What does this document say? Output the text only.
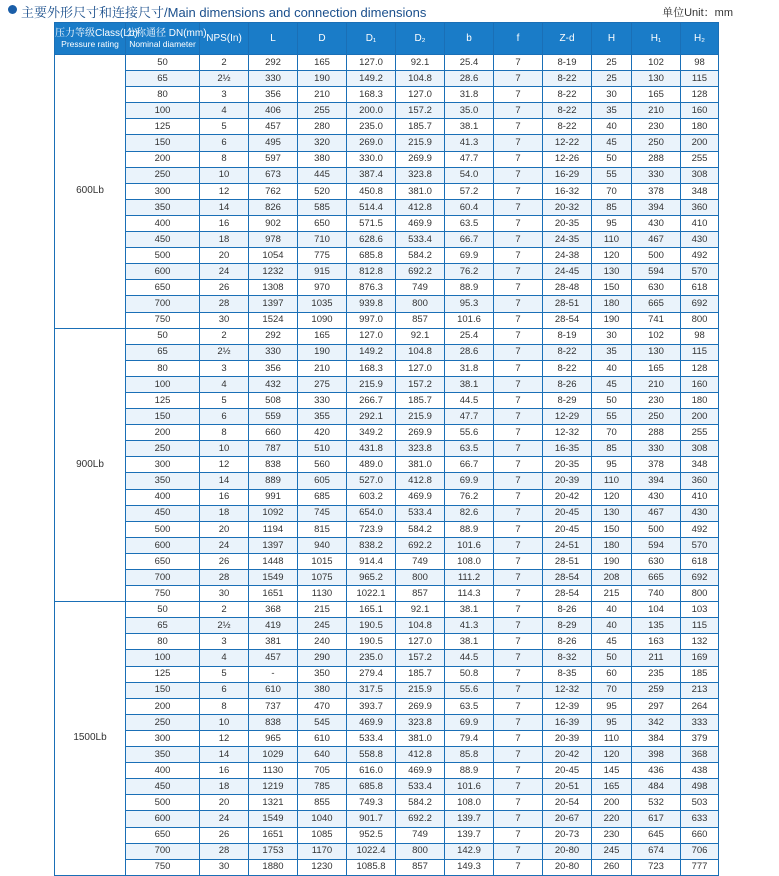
主要外形尺寸和连接尺寸/Main dimensions and connection dimensions	单位Unit：mm
压力等级Class(Lb)
Pressure rating	公称通径 DN(mm)
Nominal diameter	NPS(In)	L	D	D₁	D₂	b	f	Z-d	H	H₁	H₂
600Lb	50	2	292	165	127.0	92.1	25.4	7	8-19	25	102	98
	65	2½	330	190	149.2	104.8	28.6	7	8-22	25	130	115
	80	3	356	210	168.3	127.0	31.8	7	8-22	30	165	128
	100	4	406	255	200.0	157.2	35.0	7	8-22	35	210	160
	125	5	457	280	235.0	185.7	38.1	7	8-22	40	230	180
	150	6	495	320	269.0	215.9	41.3	7	12-22	45	250	200
	200	8	597	380	330.0	269.9	47.7	7	12-26	50	288	255
	250	10	673	445	387.4	323.8	54.0	7	16-29	55	330	308
	300	12	762	520	450.8	381.0	57.2	7	16-32	70	378	348
	350	14	826	585	514.4	412.8	60.4	7	20-32	85	394	360
	400	16	902	650	571.5	469.9	63.5	7	20-35	95	430	410
	450	18	978	710	628.6	533.4	66.7	7	24-35	110	467	430
	500	20	1054	775	685.8	584.2	69.9	7	24-38	120	500	492
	600	24	1232	915	812.8	692.2	76.2	7	24-45	130	594	570
	650	26	1308	970	876.3	749	88.9	7	28-48	150	630	618
	700	28	1397	1035	939.8	800	95.3	7	28-51	180	665	692
	750	30	1524	1090	997.0	857	101.6	7	28-54	190	741	800
900Lb	50	2	292	165	127.0	92.1	25.4	7	8-19	30	102	98
	65	2½	330	190	149.2	104.8	28.6	7	8-22	35	130	115
	80	3	356	210	168.3	127.0	31.8	7	8-22	40	165	128
	100	4	432	275	215.9	157.2	38.1	7	8-26	45	210	160
	125	5	508	330	266.7	185.7	44.5	7	8-29	50	230	180
	150	6	559	355	292.1	215.9	47.7	7	12-29	55	250	200
	200	8	660	420	349.2	269.9	55.6	7	12-32	70	288	255
	250	10	787	510	431.8	323.8	63.5	7	16-35	85	330	308
	300	12	838	560	489.0	381.0	66.7	7	20-35	95	378	348
	350	14	889	605	527.0	412.8	69.9	7	20-39	110	394	360
	400	16	991	685	603.2	469.9	76.2	7	20-42	120	430	410
	450	18	1092	745	654.0	533.4	82.6	7	20-45	130	467	430
	500	20	1194	815	723.9	584.2	88.9	7	20-45	150	500	492
	600	24	1397	940	838.2	692.2	101.6	7	24-51	180	594	570
	650	26	1448	1015	914.4	749	108.0	7	28-51	190	630	618
	700	28	1549	1075	965.2	800	111.2	7	28-54	208	665	692
	750	30	1651	1130	1022.1	857	114.3	7	28-54	215	740	800
1500Lb	50	2	368	215	165.1	92.1	38.1	7	8-26	40	104	103
	65	2½	419	245	190.5	104.8	41.3	7	8-29	40	135	115
	80	3	381	240	190.5	127.0	38.1	7	8-26	45	163	132
	100	4	457	290	235.0	157.2	44.5	7	8-32	50	211	169
	125	5	-	350	279.4	185.7	50.8	7	8-35	60	235	185
	150	6	610	380	317.5	215.9	55.6	7	12-32	70	259	213
	200	8	737	470	393.7	269.9	63.5	7	12-39	95	297	264
	250	10	838	545	469.9	323.8	69.9	7	16-39	95	342	333
	300	12	965	610	533.4	381.0	79.4	7	20-39	110	384	379
	350	14	1029	640	558.8	412.8	85.8	7	20-42	120	398	368
	400	16	1130	705	616.0	469.9	88.9	7	20-45	145	436	438
	450	18	1219	785	685.8	533.4	101.6	7	20-51	165	484	498
	500	20	1321	855	749.3	584.2	108.0	7	20-54	200	532	503
	600	24	1549	1040	901.7	692.2	139.7	7	20-67	220	617	633
	650	26	1651	1085	952.5	749	139.7	7	20-73	230	645	660
	700	28	1753	1170	1022.4	800	142.9	7	20-80	245	674	706
	750	30	1880	1230	1085.8	857	149.3	7	20-80	260	723	777
